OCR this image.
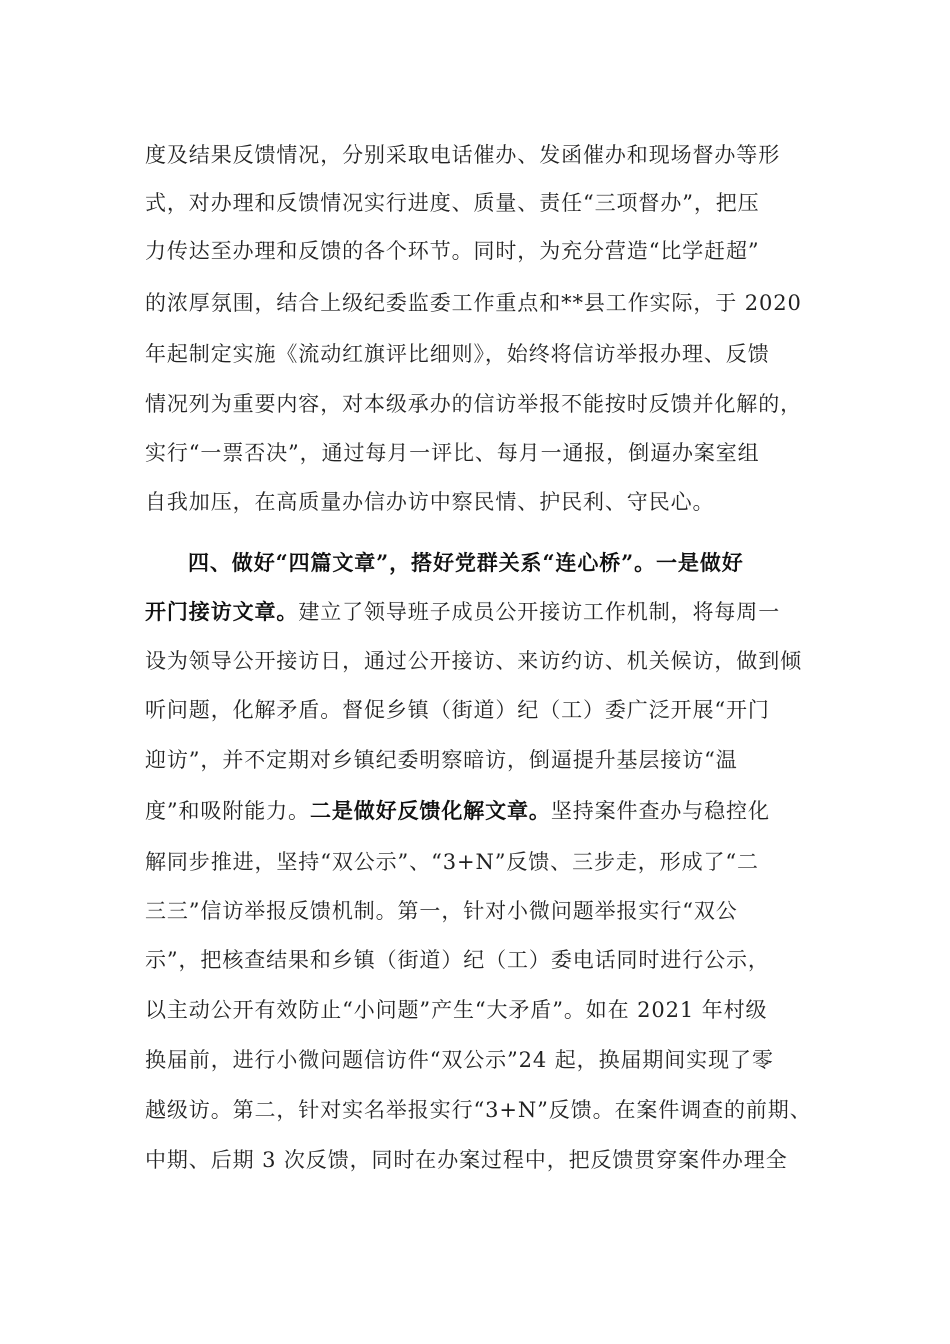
度及结果反馈情况，分别采取电话催办、发函催办和现场督办等形
式，对办理和反馈情况实行进度、质量、责任“三项督办”，把压
力传达至办理和反馈的各个环节。同时，为充分营造“比学赶超”
的浓厚氛围，结合上级纪委监委工作重点和**县工作实际，于 2020
年起制定实施《流动红旗评比细则》，始终将信访举报办理、反馈
情况列为重要内容，对本级承办的信访举报不能按时反馈并化解的，
实行“一票否决”，通过每月一评比、每月一通报，倒逼办案室组
自我加压，在高质量办信办访中察民情、护民利、守民心。
四、做好“四篇文章”，搭好党群关系“连心桥”。一是做好
开门接访文章。建立了领导班子成员公开接访工作机制，将每周一
设为领导公开接访日，通过公开接访、来访约访、机关候访，做到倾
听问题，化解矛盾。督促乡镇（街道）纪（工）委广泛开展“开门
迎访”，并不定期对乡镇纪委明察暗访，倒逼提升基层接访“温
度”和吸附能力。二是做好反馈化解文章。坚持案件查办与稳控化
解同步推进，坚持“双公示”、“3+N”反馈、三步走，形成了“二
三三”信访举报反馈机制。第一，针对小微问题举报实行“双公
示”，把核查结果和乡镇（街道）纪（工）委电话同时进行公示，
以主动公开有效防止“小问题”产生“大矛盾”。如在 2021 年村级
换届前，进行小微问题信访件“双公示”24 起，换届期间实现了零
越级访。第二，针对实名举报实行“3+N”反馈。在案件调查的前期、
中期、后期 3 次反馈，同时在办案过程中，把反馈贯穿案件办理全
